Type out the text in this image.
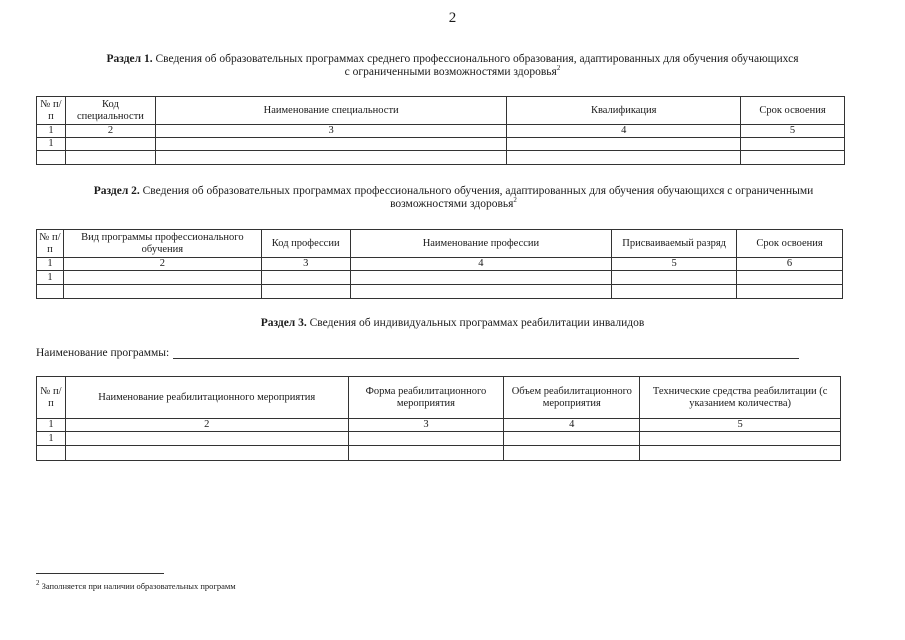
2
Раздел 1. Сведения об образовательных программах среднего профессионального образования, адаптированных для обучения обучающихся
с ограниченными возможностями здоровья$^2$
№ п/п	Код специальности	Наименование специальности	Квалификация	Срок освоения
1	2	3	4	5
1				

Раздел 2. Сведения об образовательных программах профессионального обучения, адаптированных для обучения обучающихся с ограниченными
возможностями здоровья$^2$
№ п/п	Вид программы профессионального обучения	Код профессии	Наименование профессии	Присваиваемый разряд	Срок освоения
1	2	3	4	5	6
1					

Раздел 3. Сведения об индивидуальных программах реабилитации инвалидов
Наименование программы:
№ п/п	Наименование реабилитационного мероприятия	Форма реабилитационного мероприятия	Объем реабилитационного мероприятия	Технические средства реабилитации (с указанием количества)
1	2	3	4	5
1				

$^2$ Заполняется при наличии образовательных программ
